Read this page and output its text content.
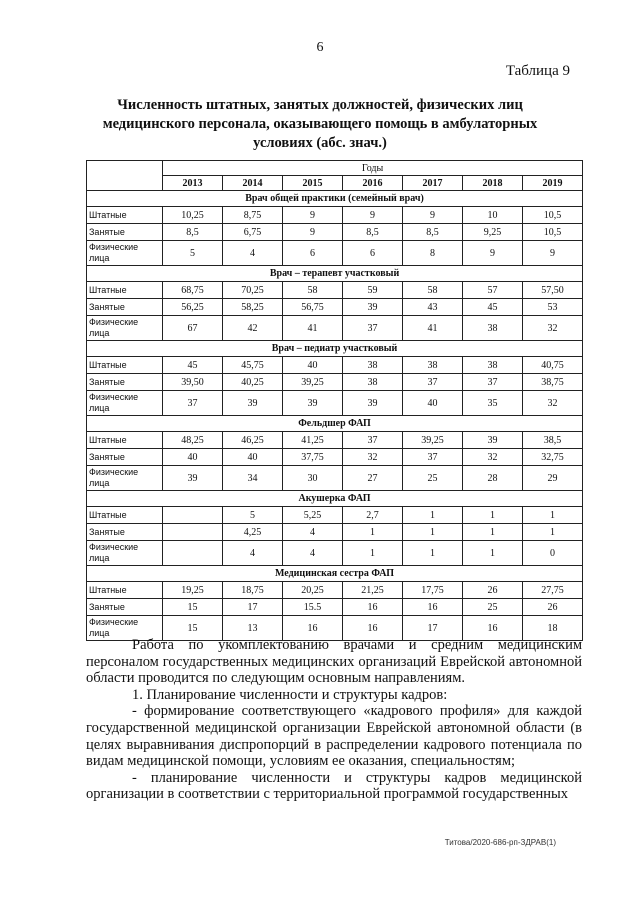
6
Таблица 9
Численность штатных, занятых должностей, физических лиц медицинского персонала, оказывающего помощь в амбулаторных условиях (абс. знач.)
	Годы						
	2013	2014	2015	2016	2017	2018	2019
Врач общей практики (семейный врач)							
Штатные	10,25	8,75	9	9	9	10	10,5
Занятые	8,5	6,75	9	8,5	8,5	9,25	10,5
Физические лица	5	4	6	6	8	9	9
Врач – терапевт участковый							
Штатные	68,75	70,25	58	59	58	57	57,50
Занятые	56,25	58,25	56,75	39	43	45	53
Физические лица	67	42	41	37	41	38	32
Врач – педиатр участковый							
Штатные	45	45,75	40	38	38	38	40,75
Занятые	39,50	40,25	39,25	38	37	37	38,75
Физические лица	37	39	39	39	40	35	32
Фельдшер ФАП							
Штатные	48,25	46,25	41,25	37	39,25	39	38,5
Занятые	40	40	37,75	32	37	32	32,75
Физические лица	39	34	30	27	25	28	29
Акушерка ФАП							
Штатные		5	5,25	2,7	1	1	1
Занятые		4,25	4	1	1	1	1
Физические лица		4	4	1	1	1	0
Медицинская сестра ФАП							
Штатные	19,25	18,75	20,25	21,25	17,75	26	27,75
Занятые	15	17	15.5	16	16	25	26
Физические лица	15	13	16	16	17	16	18

Работа по укомплектованию врачами и средним медицинским персоналом государственных медицинских организаций Еврейской автономной области проводится по следующим основным направлениям.

1. Планирование численности и структуры кадров:

- формирование соответствующего «кадрового профиля» для каждой государственной медицинской организации Еврейской автономной области (в целях выравнивания диспропорций в распределении кадрового потенциала по видам медицинской помощи, условиям ее оказания, специальностям;

- планирование численности и структуры кадров медицинской организации в соответствии с территориальной программой государственных

Титова/2020-686-рп-ЗДРАВ(1)
